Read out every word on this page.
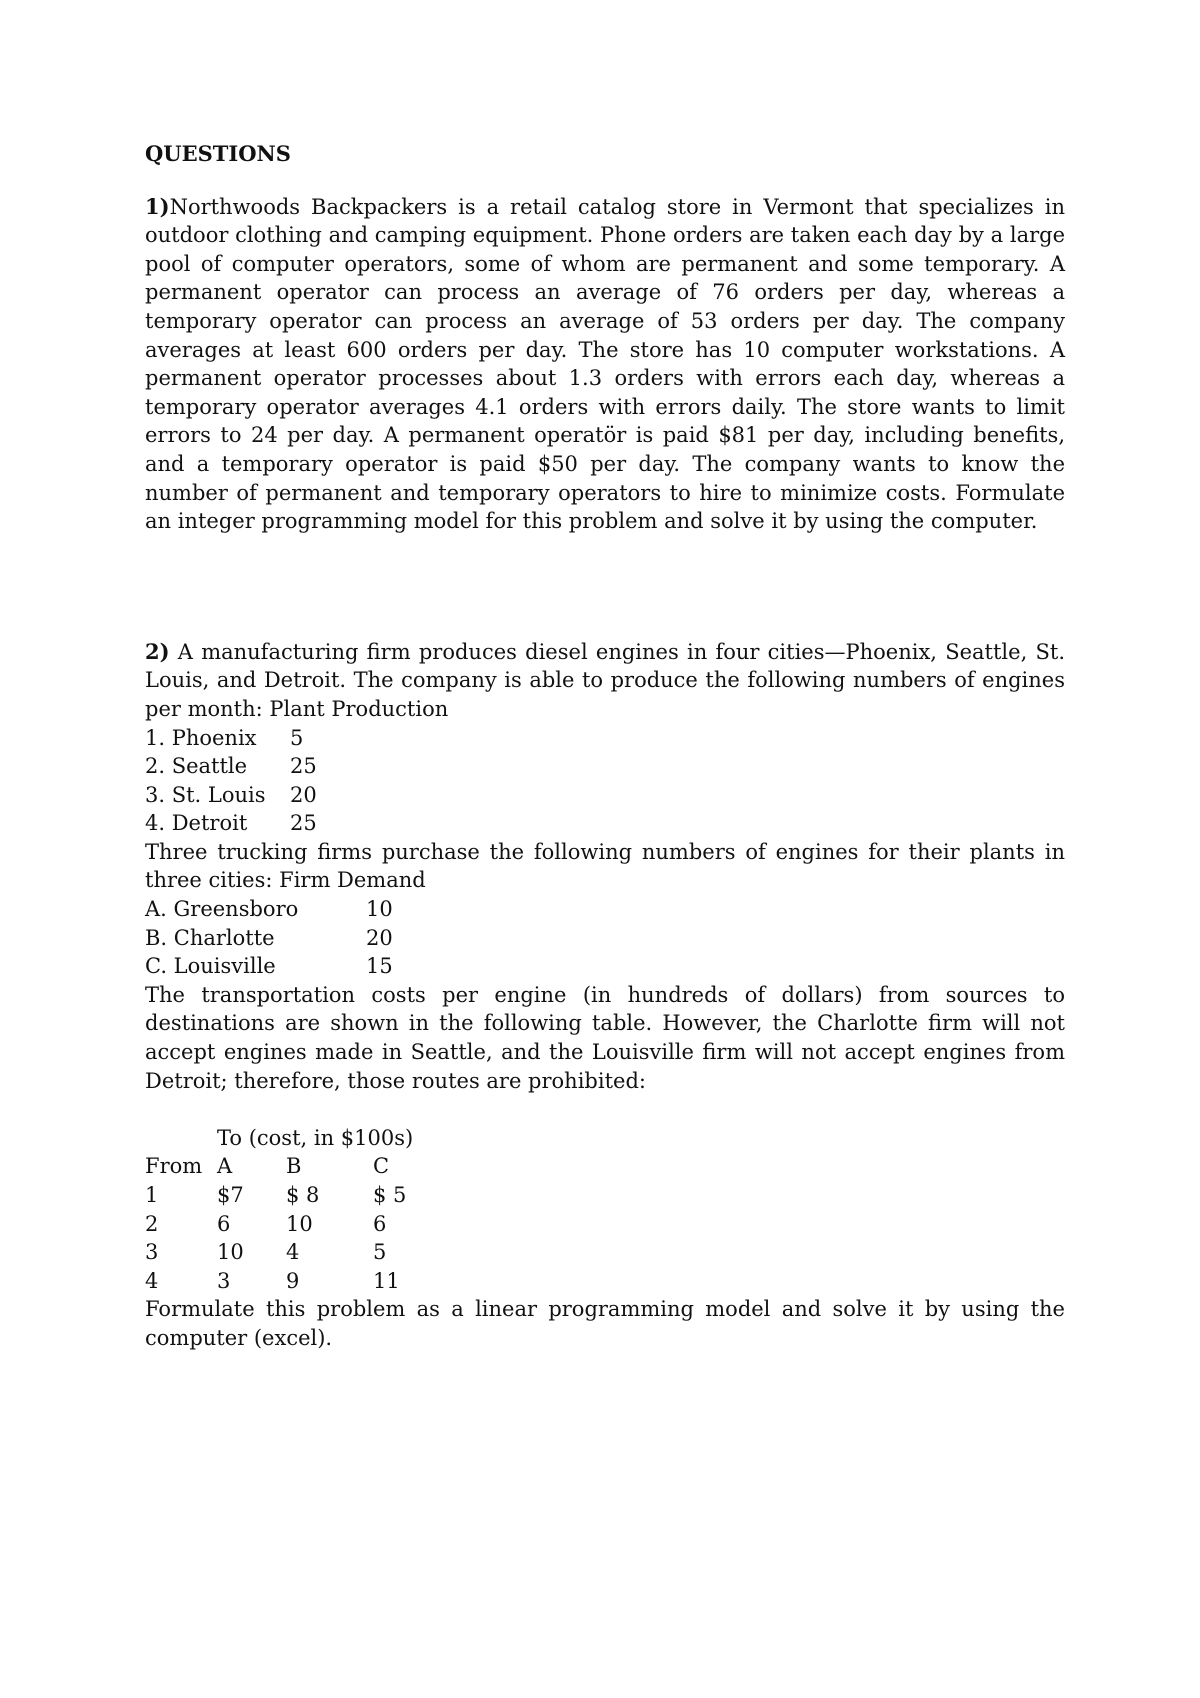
QUESTIONS

1)Northwoods Backpackers is a retail catalog store in Vermont that specializes in outdoor clothing and camping equipment. Phone orders are taken each day by a large pool of computer operators, some of whom are permanent and some temporary. A permanent operator can process an average of 76 orders per day, whereas a temporary operator can process an average of 53 orders per day. The company averages at least 600 orders per day. The store has 10 computer workstations. A permanent operator processes about 1.3 orders with errors each day, whereas a temporary operator averages 4.1 orders with errors daily. The store wants to limit errors to 24 per day. A permanent operatör is paid $81 per day, including benefits, and a temporary operator is paid $50 per day. The company wants to know the number of permanent and temporary operators to hire to minimize costs. Formulate an integer programming model for this problem and solve it by using the computer.

2) A manufacturing firm produces diesel engines in four cities—Phoenix, Seattle, St. Louis, and Detroit. The company is able to produce the following numbers of engines per month: Plant Production

1. Phoenix	5
2. Seattle	25
3. St. Louis	20
4. Detroit	25

Three trucking firms purchase the following numbers of engines for their plants in three cities: Firm Demand

A. Greensboro	10
B. Charlotte	20
C. Louisville	15

The transportation costs per engine (in hundreds of dollars) from sources to destinations are shown in the following table. However, the Charlotte firm will not accept engines made in Seattle, and the Louisville firm will not accept engines from Detroit; therefore, those routes are prohibited:

To (cost, in $100s)
From A	B	C
1	$7	$ 8	$ 5
2	6	10	6
3	10	4	5
4	3	9	11

Formulate this problem as a linear programming model and solve it by using the computer (excel).
